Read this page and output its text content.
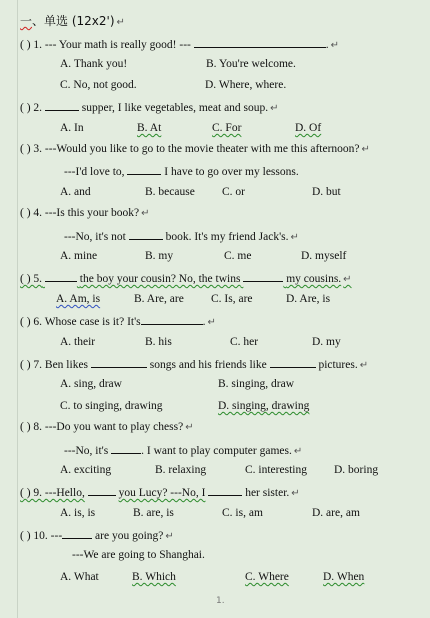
一、单选 (12x2') ↵
( ) 1. --- Your math is really good! ---	. ↵
A. Thank you!	B. You're welcome.
C. No, not good.	D. Where, where.
( ) 2.	supper, I like vegetables, meat and soup. ↵
A. In	B. At	C. For	D. Of
( ) 3. ---Would you like to go to the movie theater with me this afternoon? ↵
---I'd love to,	I have to go over my lessons.
A. and	B. because C. or	D. but
( ) 4. ---Is this your book? ↵
---No, it's not	book. It's my friend Jack's. ↵
A. mine	B. my	C. me	D. myself
( ) 5.	the boy your cousin? No, the twins	my cousins. ↵
A. Am, is	B. Are, are C. Is, are	D. Are, is
( ) 6. Whose case is it? It's	. ↵
A. their	B. his	C. her	D. my
( ) 7. Ben likes	songs and his friends like	pictures. ↵
A. sing, draw	B. singing, draw
C. to singing, drawing	D. singing, drawing
( ) 8. ---Do you want to play chess? ↵
---No, it's	. I want to play computer games. ↵
A. exciting	B. relaxing	C. interesting D. boring
( ) 9. ---Hello,	you Lucy? ---No, I	her sister. ↵
A. is, is	B. are, is	C. is, am	D. are, am
( ) 10. ---	are you going? ↵
---We are going to Shanghai.
A. What	B. Which	C. Where	D. When
1.
